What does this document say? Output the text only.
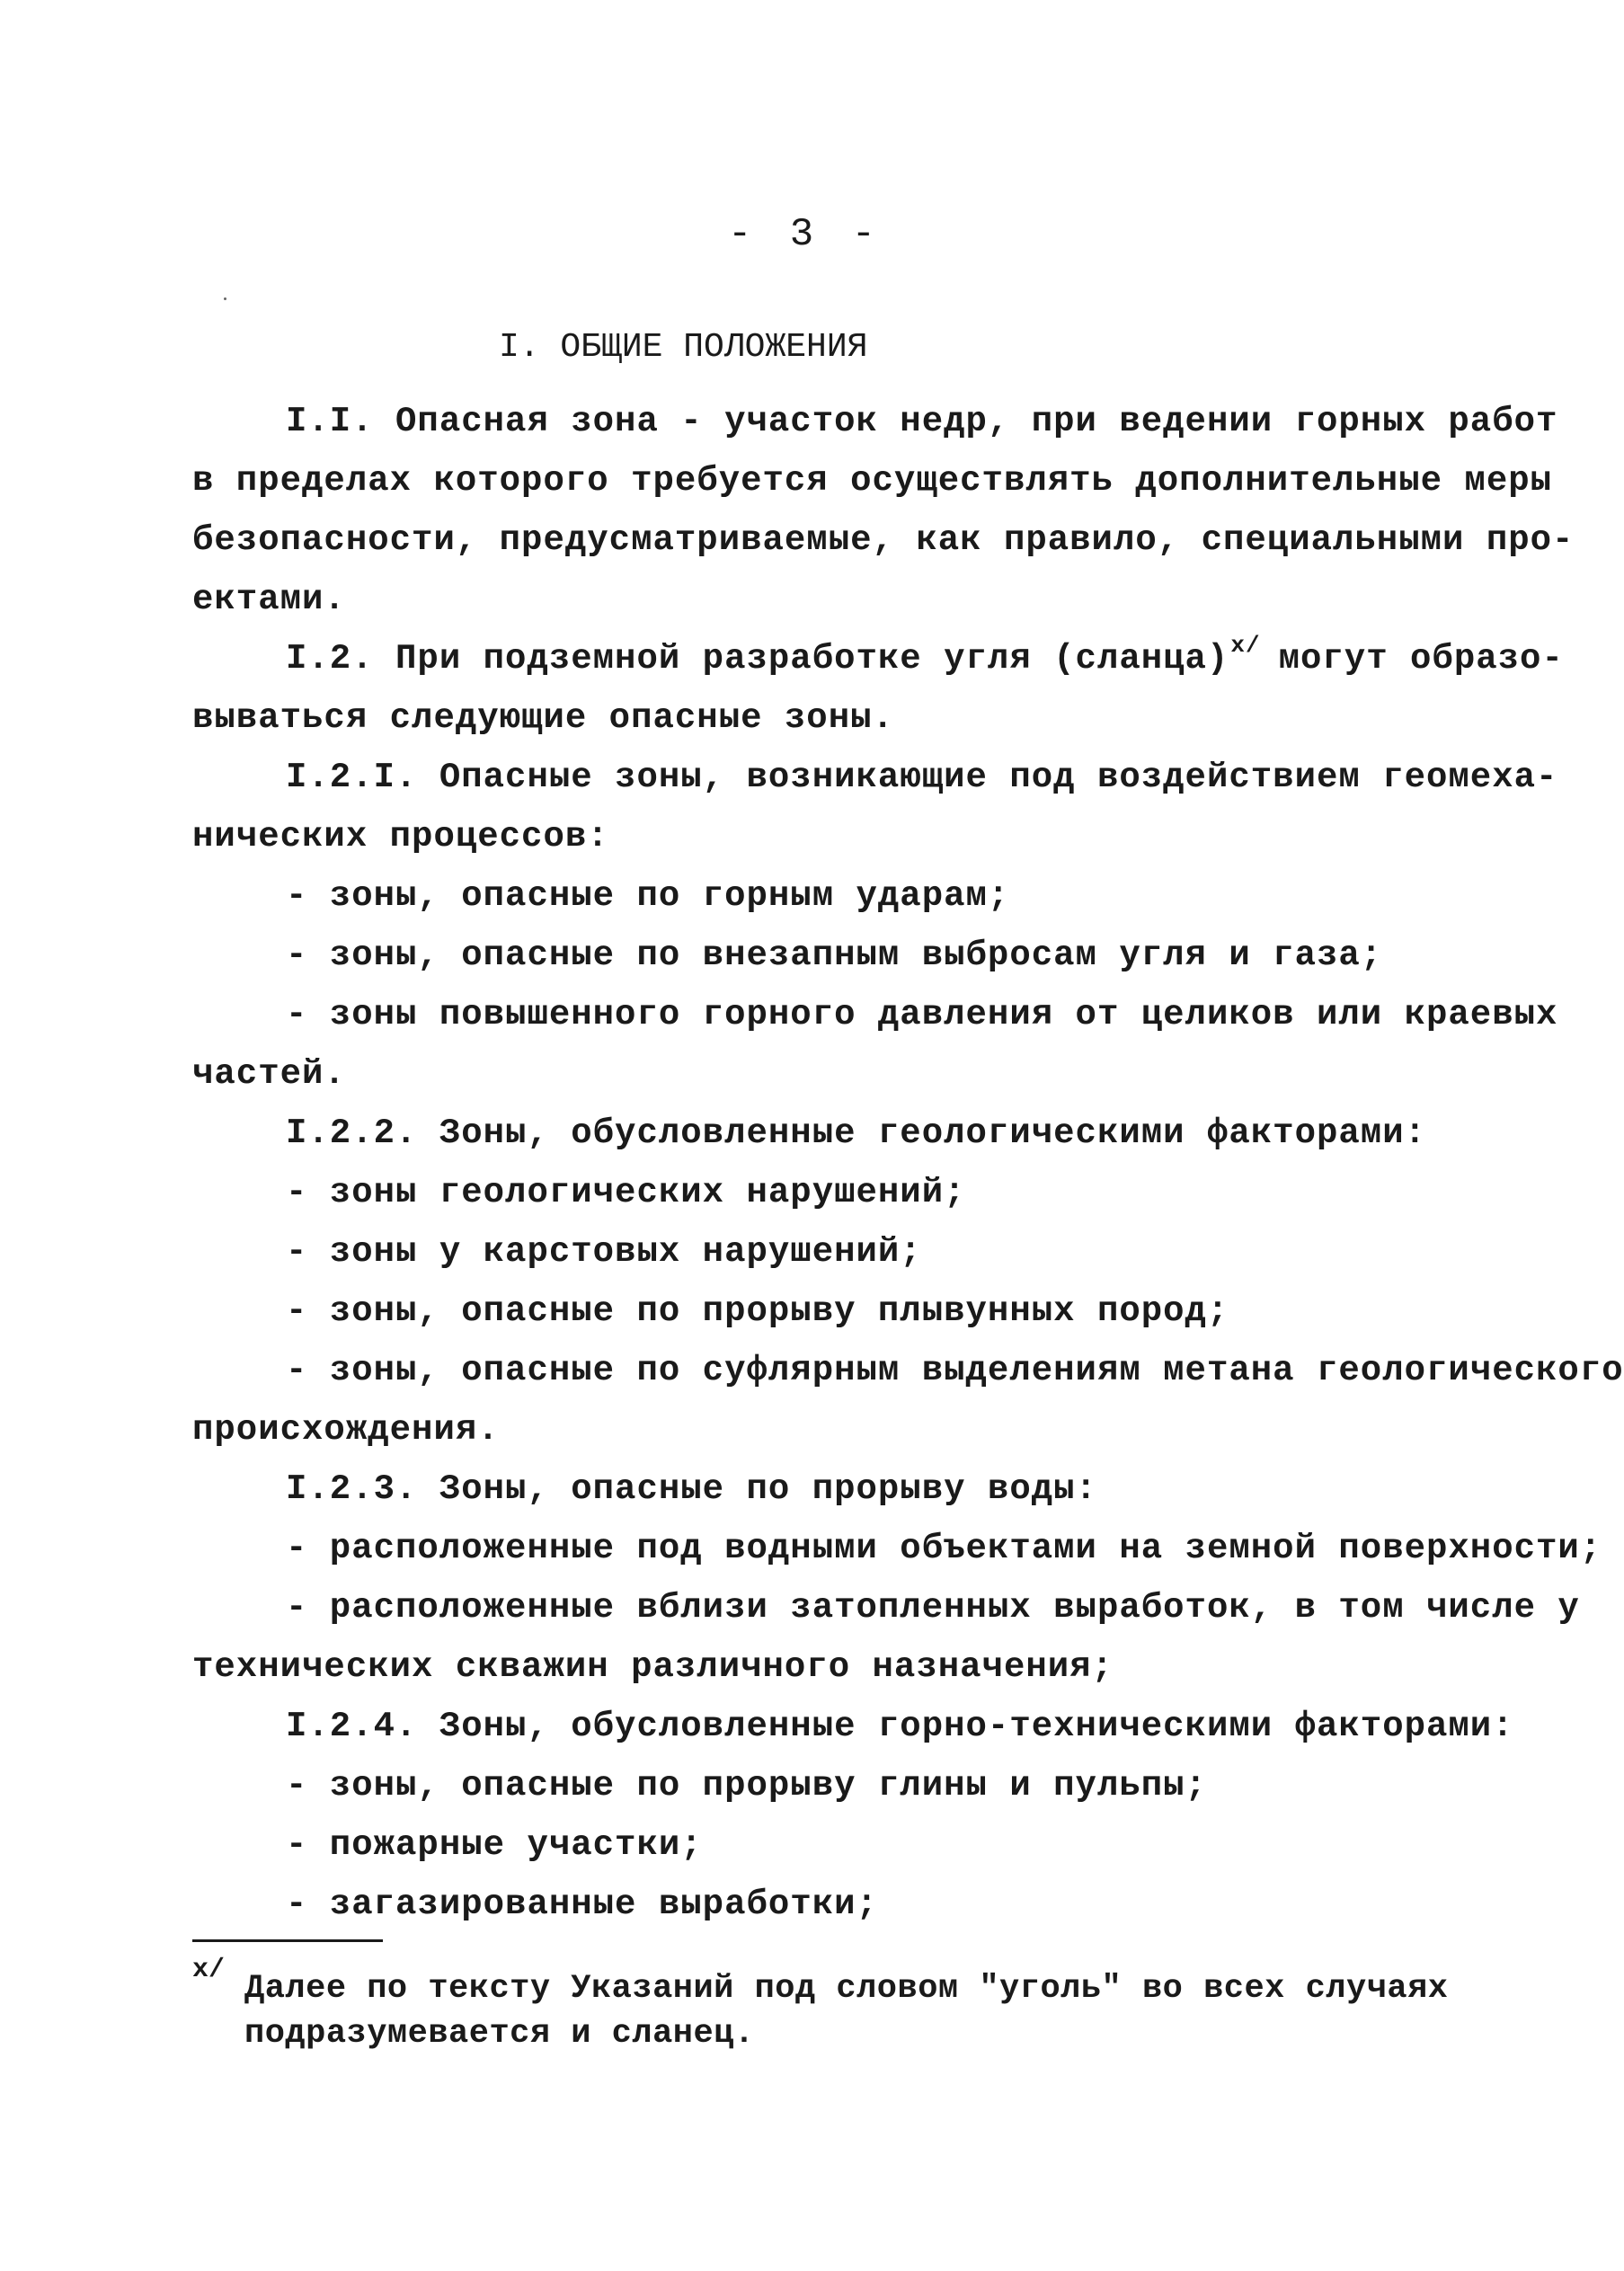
- 3 -
I. ОБЩИЕ ПОЛОЖЕНИЯ
I.I. Опасная зона - участок недр, при ведении горных работ
в пределах которого требуется осуществлять дополнительные меры
безопасности, предусматриваемые, как правило, специальными про-
ектами.
I.2. При подземной разработке угля (сланца)$^{x/}$ могут образо-
вываться следующие опасные зоны.
I.2.I. Опасные зоны, возникающие под воздействием геомеха-
нических процессов:
- зоны, опасные по горным ударам;
- зоны, опасные по внезапным выбросам угля и газа;
- зоны повышенного горного давления от целиков или краевых
частей.
I.2.2. Зоны, обусловленные геологическими факторами:
- зоны геологических нарушений;
- зоны у карстовых нарушений;
- зоны, опасные по прорыву плывунных пород;
- зоны, опасные по суфлярным выделениям метана геологического
происхождения.
I.2.3. Зоны, опасные по прорыву воды:
- расположенные под водными объектами на земной поверхности;
- расположенные вблизи затопленных выработок, в том числе у
технических скважин различного назначения;
I.2.4. Зоны, обусловленные горно-техническими факторами:
- зоны, опасные по прорыву глины и пульпы;
- пожарные участки;
- загазированные выработки;
x/ Далее по тексту Указаний под словом "уголь" во всех случаях
подразумевается и сланец.
